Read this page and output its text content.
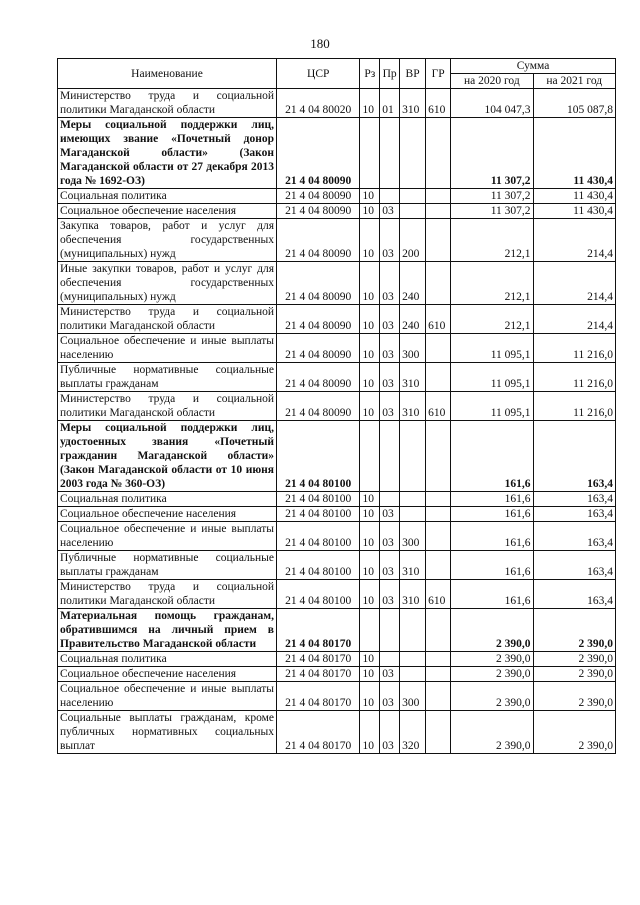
180
Наименование	ЦСР	Рз	Пр	ВР	ГР	Сумма	
						на 2020 год	на 2021 год
Министерство труда и социальной политики Магаданской области	21 4 04 80020	10	01	310	610	104 047,3	105 087,8
Меры социальной поддержки лиц, имеющих звание «Почетный донор Магаданской области» (Закон Магаданской области от 27 декабря 2013 года № 1692-ОЗ)	21 4 04 80090					11 307,2	11 430,4
Социальная политика	21 4 04 80090	10				11 307,2	11 430,4
Социальное обеспечение населения	21 4 04 80090	10	03			11 307,2	11 430,4
Закупка товаров, работ и услуг для обеспечения государственных (муниципальных) нужд	21 4 04 80090	10	03	200		212,1	214,4
Иные закупки товаров, работ и услуг для обеспечения государственных (муниципальных) нужд	21 4 04 80090	10	03	240		212,1	214,4
Министерство труда и социальной политики Магаданской области	21 4 04 80090	10	03	240	610	212,1	214,4
Социальное обеспечение и иные выплаты населению	21 4 04 80090	10	03	300		11 095,1	11 216,0
Публичные нормативные социальные выплаты гражданам	21 4 04 80090	10	03	310		11 095,1	11 216,0
Министерство труда и социальной политики Магаданской области	21 4 04 80090	10	03	310	610	11 095,1	11 216,0
Меры социальной поддержки лиц, удостоенных звания «Почетный гражданин Магаданской области» (Закон Магаданской области от 10 июня 2003 года № 360-ОЗ)	21 4 04 80100					161,6	163,4
Социальная политика	21 4 04 80100	10				161,6	163,4
Социальное обеспечение населения	21 4 04 80100	10	03			161,6	163,4
Социальное обеспечение и иные выплаты населению	21 4 04 80100	10	03	300		161,6	163,4
Публичные нормативные социальные выплаты гражданам	21 4 04 80100	10	03	310		161,6	163,4
Министерство труда и социальной политики Магаданской области	21 4 04 80100	10	03	310	610	161,6	163,4
Материальная помощь гражданам, обратившимся на личный прием в Правительство Магаданской области	21 4 04 80170					2 390,0	2 390,0
Социальная политика	21 4 04 80170	10				2 390,0	2 390,0
Социальное обеспечение населения	21 4 04 80170	10	03			2 390,0	2 390,0
Социальное обеспечение и иные выплаты населению	21 4 04 80170	10	03	300		2 390,0	2 390,0
Социальные выплаты гражданам, кроме публичных нормативных социальных выплат	21 4 04 80170	10	03	320		2 390,0	2 390,0
